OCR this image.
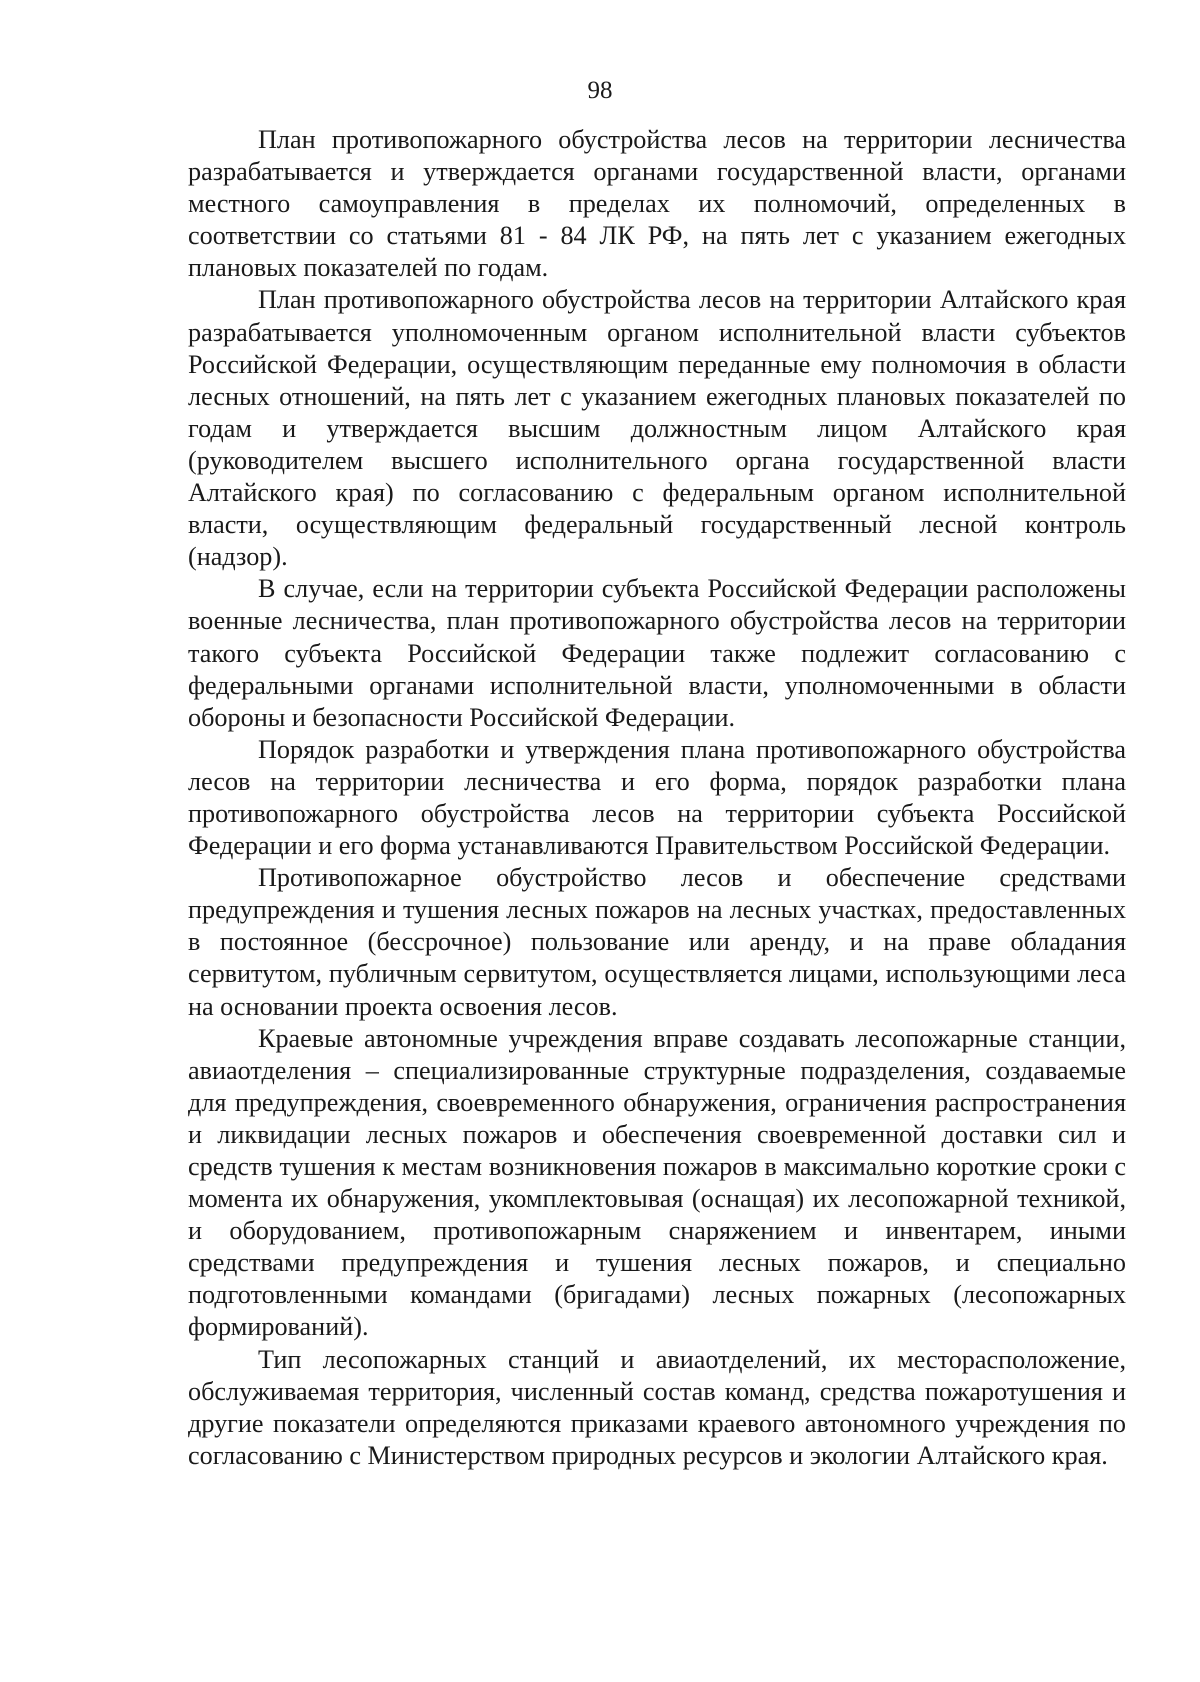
98

План противопожарного обустройства лесов на территории лесничества разрабатывается и утверждается органами государственной власти, органами местного самоуправления в пределах их полномочий, определенных в соответствии со статьями 81 - 84 ЛК РФ, на пять лет с указанием ежегодных плановых показателей по годам.

План противопожарного обустройства лесов на территории Алтайского края разрабатывается уполномоченным органом исполнительной власти субъектов Российской Федерации, осуществляющим переданные ему полномочия в области лесных отношений, на пять лет с указанием ежегодных плановых показателей по годам и утверждается высшим должностным лицом Алтайского края (руководителем высшего исполнительного органа государственной власти Алтайского края) по согласованию с федеральным органом исполнительной власти, осуществляющим федеральный государственный лесной контроль (надзор).

В случае, если на территории субъекта Российской Федерации расположены военные лесничества, план противопожарного обустройства лесов на территории такого субъекта Российской Федерации также подлежит согласованию с федеральными органами исполнительной власти, уполномоченными в области обороны и безопасности Российской Федерации.

Порядок разработки и утверждения плана противопожарного обустройства лесов на территории лесничества и его форма, порядок разработки плана противопожарного обустройства лесов на территории субъекта Российской Федерации и его форма устанавливаются Правительством Российской Федерации.

Противопожарное обустройство лесов и обеспечение средствами предупреждения и тушения лесных пожаров на лесных участках, предоставленных в постоянное (бессрочное) пользование или аренду, и на праве обладания сервитутом, публичным сервитутом, осуществляется лицами, использующими леса на основании проекта освоения лесов.

Краевые автономные учреждения вправе создавать лесопожарные станции, авиаотделения – специализированные структурные подразделения, создаваемые для предупреждения, своевременного обнаружения, ограничения распространения и ликвидации лесных пожаров и обеспечения своевременной доставки сил и средств тушения к местам возникновения пожаров в максимально короткие сроки с момента их обнаружения, укомплектовывая (оснащая) их лесопожарной техникой, и оборудованием, противопожарным снаряжением и инвентарем, иными средствами предупреждения и тушения лесных пожаров, и специально подготовленными командами (бригадами) лесных пожарных (лесопожарных формирований).

Тип лесопожарных станций и авиаотделений, их месторасположение, обслуживаемая территория, численный состав команд, средства пожаротушения и другие показатели определяются приказами краевого автономного учреждения по согласованию с Министерством природных ресурсов и экологии Алтайского края.
